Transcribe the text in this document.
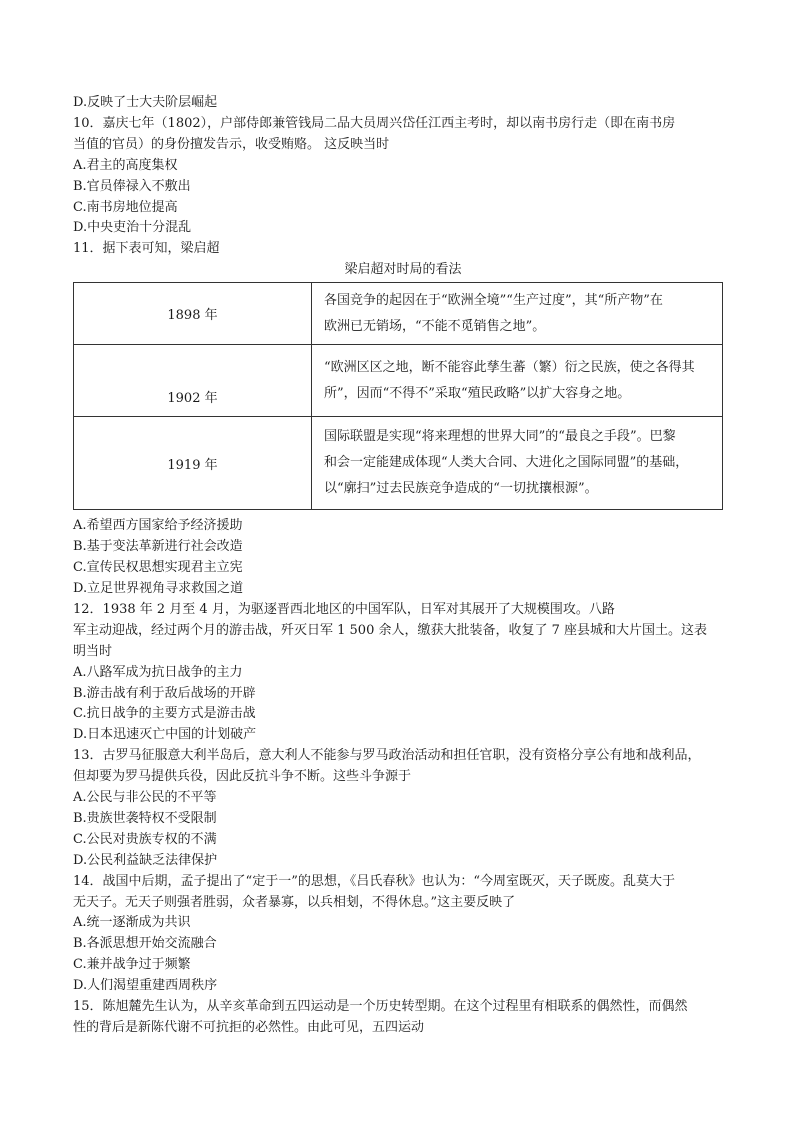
D.反映了士大夫阶层崛起
10．嘉庆七年（1802），户部侍郎兼管钱局二品大员周兴岱任江西主考时，却以南书房行走（即在南书房
当值的官员）的身份擅发告示，收受贿赂。 这反映当时
A.君主的高度集权
B.官员俸禄入不敷出
C.南书房地位提高
D.中央吏治十分混乱
11．据下表可知，梁启超
梁启超对时局的看法
1898 年	各国竞争的起因在于“欧洲全境”“生产过度”，其“所产物”在
欧洲已无销场，“不能不觅销售之地”。

1902 年	“欧洲区区之地，断不能容此孳生蕃（繁）衍之民族，使之各得其
所”，因而“不得不”采取“殖民政略”以扩大容身之地。

1919 年	国际联盟是实现“将来理想的世界大同”的“最良之手段”。巴黎
和会一定能建成体现“人类大合同、大进化之国际同盟”的基础，
以“廓扫”过去民族竞争造成的“一切扰攘根源”。
A.希望西方国家给予经济援助
B.基于变法革新进行社会改造
C.宣传民权思想实现君主立宪
D.立足世界视角寻求救国之道
12．1938 年 2 月至 4 月，为驱逐晋西北地区的中国军队，日军对其展开了大规模围攻。八路
军主动迎战，经过两个月的游击战，歼灭日军 1 500 余人，缴获大批装备，收复了 7 座县城和大片国土。这表
明当时
A.八路军成为抗日战争的主力
B.游击战有利于敌后战场的开辟
C.抗日战争的主要方式是游击战
D.日本迅速灭亡中国的计划破产
13．古罗马征服意大利半岛后，意大利人不能参与罗马政治活动和担任官职，没有资格分享公有地和战利品，
但却要为罗马提供兵役，因此反抗斗争不断。这些斗争源于
A.公民与非公民的不平等
B.贵族世袭特权不受限制
C.公民对贵族专权的不满
D.公民利益缺乏法律保护
14．战国中后期，孟子提出了“定于一”的思想，《吕氏春秋》也认为：“今周室既灭，天子既废。乱莫大于
无天子。无天子则强者胜弱，众者暴寡，以兵相刬，不得休息。”这主要反映了
A.统一逐渐成为共识
B.各派思想开始交流融合
C.兼并战争过于频繁
D.人们渴望重建西周秩序
15．陈旭麓先生认为，从辛亥革命到五四运动是一个历史转型期。在这个过程里有相联系的偶然性，而偶然
性的背后是新陈代谢不可抗拒的必然性。由此可见，五四运动
